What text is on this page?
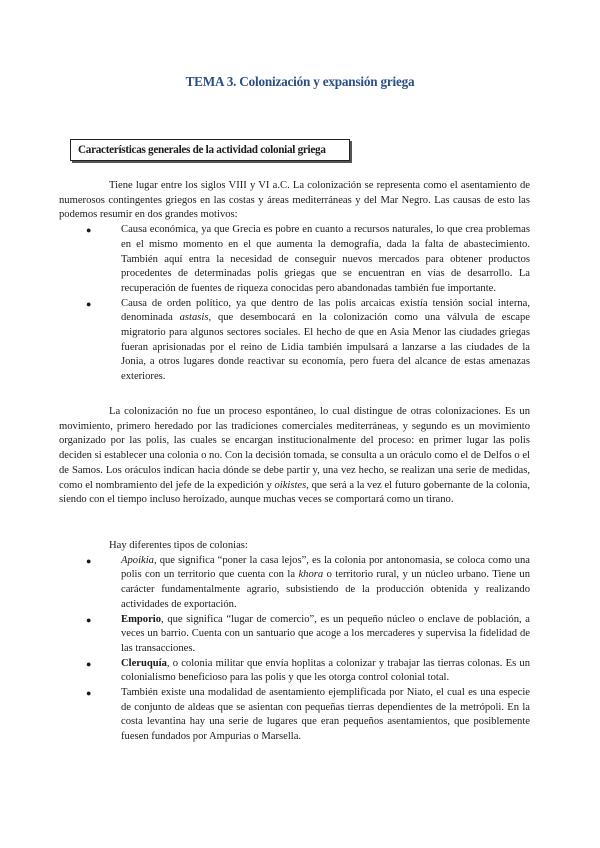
TEMA 3. Colonización y expansión griega
Características generales de la actividad colonial griega

Tiene lugar entre los siglos VIII y VI a.C. La colonización se representa como el asentamiento de numerosos contingentes griegos en las costas y áreas mediterráneas y del Mar Negro. Las causas de esto las podemos resumir en dos grandes motivos:

●	Causa económica, ya que Grecia es pobre en cuanto a recursos naturales, lo que crea problemas en el mismo momento en el que aumenta la demografía, dada la falta de abastecimiento. También aquí entra la necesidad de conseguir nuevos mercados para obtener productos procedentes de determinadas polis griegas que se encuentran en vías de desarrollo. La recuperación de fuentes de riqueza conocidas pero abandonadas también fue importante.
●	Causa de orden político, ya que dentro de las polis arcaicas existía tensión social interna, denominada astasis, que desembocará en la colonización como una válvula de escape migratorio para algunos sectores sociales. El hecho de que en Asia Menor las ciudades griegas fueran aprisionadas por el reino de Lidia también impulsará a lanzarse a las ciudades de la Jonia, a otros lugares donde reactivar su economía, pero fuera del alcance de estas amenazas exteriores.

La colonización no fue un proceso espontáneo, lo cual distingue de otras colonizaciones. Es un movimiento, primero heredado por las tradiciones comerciales mediterráneas, y segundo es un movimiento organizado por las polis, las cuales se encargan institucionalmente del proceso: en primer lugar las polis deciden si establecer una colonia o no. Con la decisión tomada, se consulta a un oráculo como el de Delfos o el de Samos. Los oráculos indican hacia dónde se debe partir y, una vez hecho, se realizan una serie de medidas, como el nombramiento del jefe de la expedición y oikistes, que será a la vez el futuro gobernante de la colonia, siendo con el tiempo incluso heroizado, aunque muchas veces se comportará como un tirano.

Hay diferentes tipos de colonias:

●	Apoikia, que significa “poner la casa lejos”, es la colonia por antonomasia, se coloca como una polis con un territorio que cuenta con la khora o territorio rural, y un núcleo urbano. Tiene un carácter fundamentalmente agrario, subsistiendo de la producción obtenida y realizando actividades de exportación.
●	Emporio, que significa “lugar de comercio”, es un pequeño núcleo o enclave de población, a veces un barrio. Cuenta con un santuario que acoge a los mercaderes y supervisa la fidelidad de las transacciones.
●	Cleruquía, o colonia militar que envía hoplitas a colonizar y trabajar las tierras colonas. Es un colonialismo beneficioso para las polis y que les otorga control colonial total.
●	También existe una modalidad de asentamiento ejemplificada por Niato, el cual es una especie de conjunto de aldeas que se asientan con pequeñas tierras dependientes de la metrópoli. En la costa levantina hay una serie de lugares que eran pequeños asentamientos, que posiblemente fuesen fundados por Ampurias o Marsella.
